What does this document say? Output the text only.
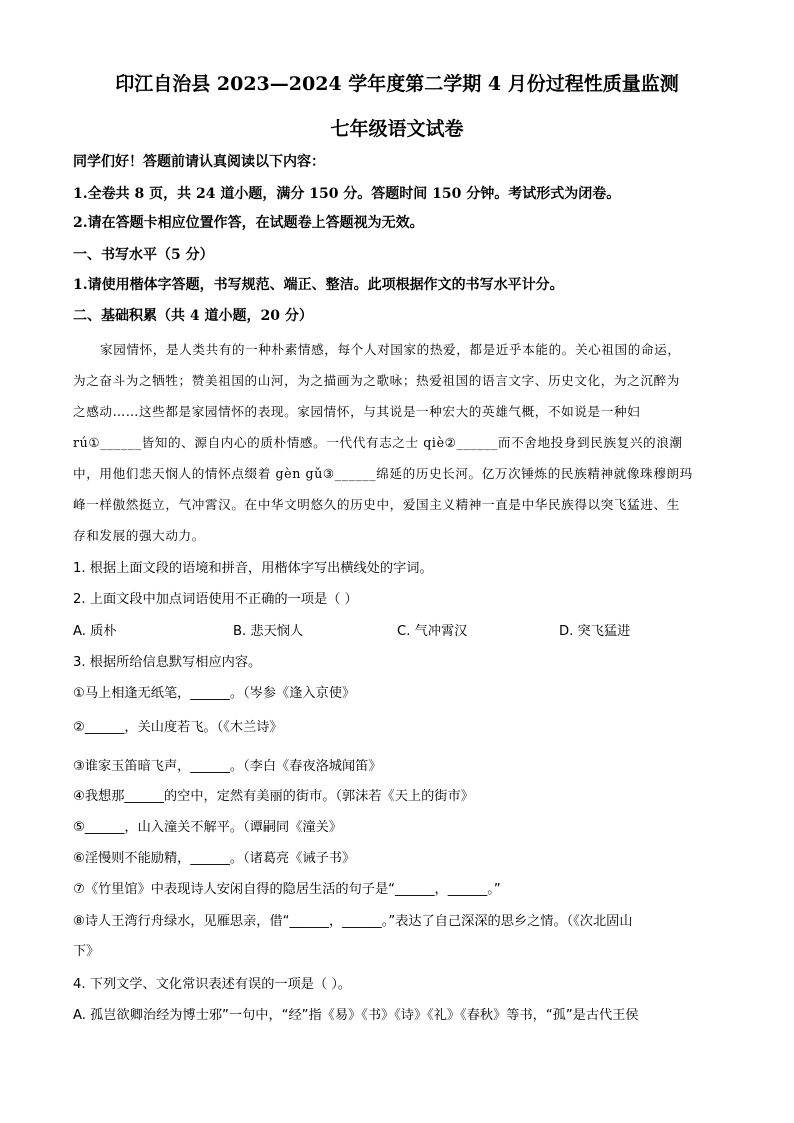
印江自治县 2023—2024 学年度第二学期 4 月份过程性质量监测
七年级语文试卷
同学们好！答题前请认真阅读以下内容：
1.全卷共 8 页，共 24 道小题，满分 150 分。答题时间 150 分钟。考试形式为闭卷。
2.请在答题卡相应位置作答，在试题卷上答题视为无效。
一、书写水平（5 分）
1.请使用楷体字答题，书写规范、端正、整洁。此项根据作文的书写水平计分。
二、基础积累（共 4 道小题，20 分）
家园情怀，是人类共有的一种朴素情感，每个人对国家的热爱，都是近乎本能的。关心祖国的命运，
为之奋斗为之牺牲；赞美祖国的山河，为之描画为之歌咏；热爱祖国的语言文字、历史文化，为之沉醉为
之感动……这些都是家园情怀的表现。家园情怀，与其说是一种宏大的英雄气概，不如说是一种妇
rú①______皆知的、源自内心的质朴情感。一代代有志之士 qiè②______而不舍地投身到民族复兴的浪潮
中，用他们悲天悯人的情怀点缀着 gèn gǔ③______绵延的历史长河。亿万次锤炼的民族精神就像珠穆朗玛
峰一样傲然挺立，气冲霄汉。在中华文明悠久的历史中，爱国主义精神一直是中华民族得以突飞猛进、生
存和发展的强大动力。
1. 根据上面文段的语境和拼音，用楷体字写出横线处的字词。
2. 上面文段中加点词语使用不正确的一项是（ ）
A. 质朴	B. 悲天悯人	C. 气冲霄汉	D. 突飞猛进
3. 根据所给信息默写相应内容。
①马上相逢无纸笔，______。（岑参《逢入京使》
②______，关山度若飞。（《木兰诗》
③谁家玉笛暗飞声，______。（李白《春夜洛城闻笛》
④我想那______的空中，定然有美丽的街市。（郭沫若《天上的街市》
⑤______，山入潼关不解平。（谭嗣同《潼关》
⑥淫慢则不能励精，______。（诸葛亮《诫子书》
⑦《竹里馆》中表现诗人安闲自得的隐居生活的句子是“______，______。”
⑧诗人王湾行舟绿水，见雁思亲，借“______，______。”表达了自己深深的思乡之情。（《次北固山
下》
4. 下列文学、文化常识表述有误的一项是（ ）。
A. 孤岂欲卿治经为博士邪”一句中，“经”指《易》《书》《诗》《礼》《春秋》等书，“孤”是古代王侯
